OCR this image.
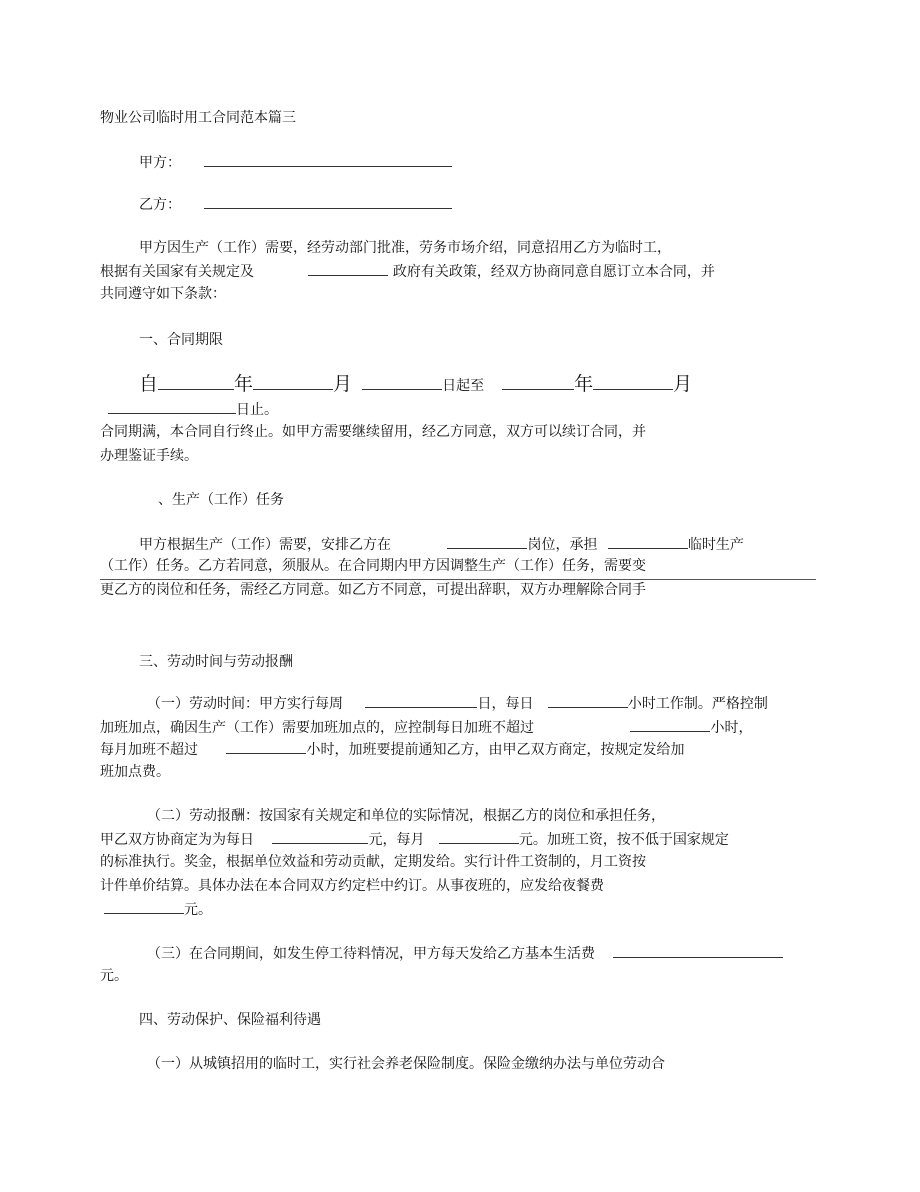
物业公司临时用工合同范本篇三
甲方：
乙方：
甲方因生产（工作）需要，经劳动部门批准，劳务市场介绍，同意招用乙方为临时工，
根据有关国家有关规定及	政府有关政策，经双方协商同意自愿订立本合同，并
共同遵守如下条款：
一、合同期限
自	年	月	日起至	年	月
日止。
合同期满，本合同自行终止。如甲方需要继续留用，经乙方同意，双方可以续订合同，并
办理鉴证手续。
、生产（工作）任务
甲方根据生产（工作）需要，安排乙方在	岗位，承担	临时生产
（工作）任务。乙方若同意，须服从。在合同期内甲方因调整生产（工作）任务，需要变
更乙方的岗位和任务，需经乙方同意。如乙方不同意，可提出辞职，双方办理解除合同手
三、劳动时间与劳动报酬
（一）劳动时间：甲方实行每周	日，每日	小时工作制。严格控制
加班加点，确因生产（工作）需要加班加点的，应控制每日加班不超过	小时，
每月加班不超过	小时，加班要提前通知乙方，由甲乙双方商定，按规定发给加
班加点费。
（二）劳动报酬：按国家有关规定和单位的实际情况，根据乙方的岗位和承担任务，
甲乙双方协商定为为每日	元，每月	元。加班工资，按不低于国家规定
的标准执行。奖金，根据单位效益和劳动贡献，定期发给。实行计件工资制的，月工资按
计件单价结算。具体办法在本合同双方约定栏中约订。从事夜班的，应发给夜餐费
元。
（三）在合同期间，如发生停工待料情况，甲方每天发给乙方基本生活费
元。
四、劳动保护、保险福利待遇
（一）从城镇招用的临时工，实行社会养老保险制度。保险金缴纳办法与单位劳动合
